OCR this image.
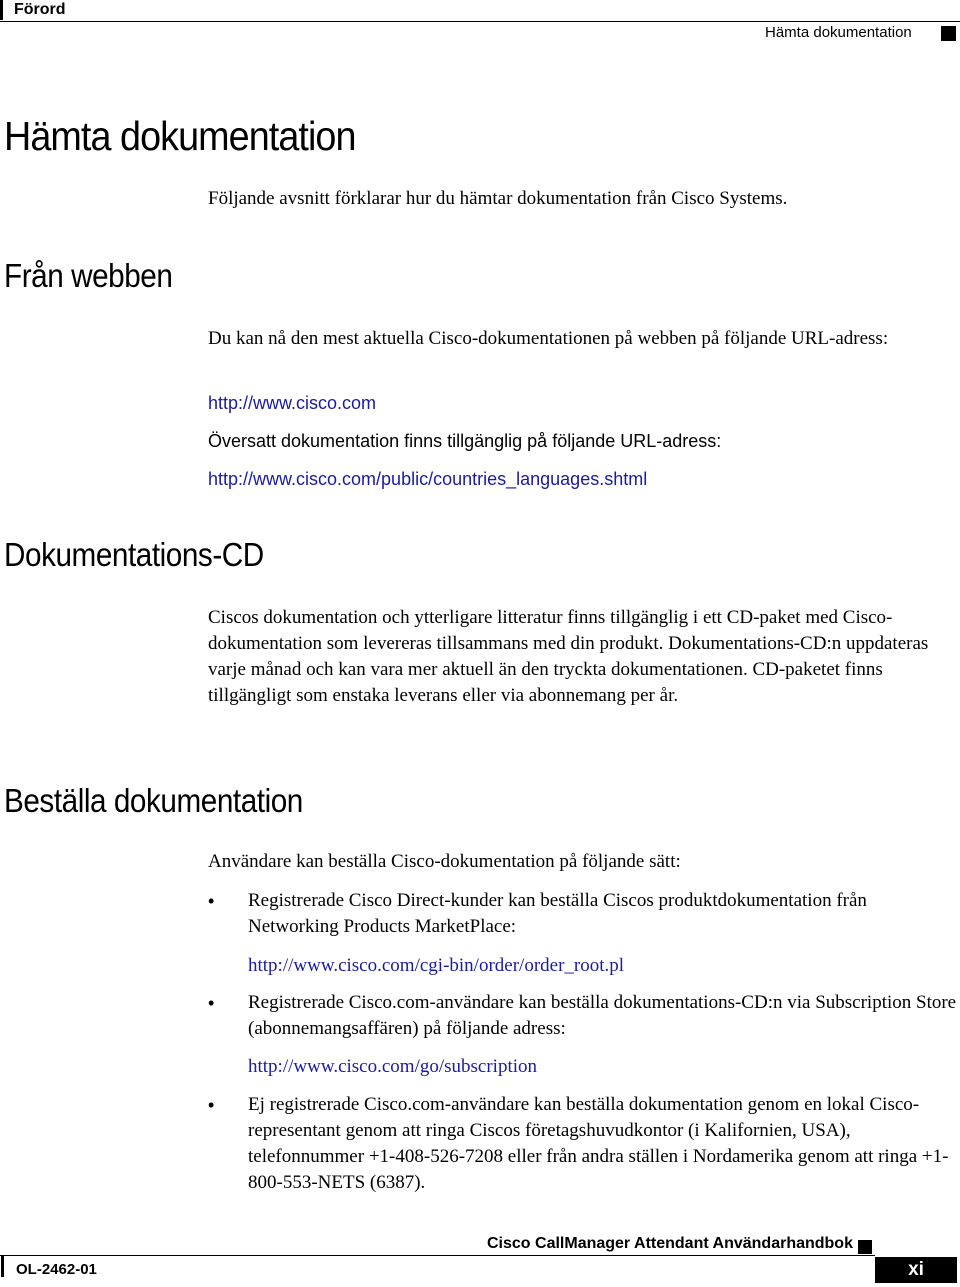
Förord
Hämta dokumentation
Hämta dokumentation
Följande avsnitt förklarar hur du hämtar dokumentation från Cisco Systems.
Från webben
Du kan nå den mest aktuella Cisco-dokumentationen på webben på följande URL-adress:
http://www.cisco.com
Översatt dokumentation finns tillgänglig på följande URL-adress:
http://www.cisco.com/public/countries_languages.shtml
Dokumentations-CD
Ciscos dokumentation och ytterligare litteratur finns tillgänglig i ett CD-paket med Cisco-dokumentation som levereras tillsammans med din produkt. Dokumentations-CD:n uppdateras varje månad och kan vara mer aktuell än den tryckta dokumentationen. CD-paketet finns tillgängligt som enstaka leverans eller via abonnemang per år.
Beställa dokumentation
Användare kan beställa Cisco-dokumentation på följande sätt:
• Registrerade Cisco Direct-kunder kan beställa Ciscos produktdokumentation från Networking Products MarketPlace:
http://www.cisco.com/cgi-bin/order/order_root.pl
• Registrerade Cisco.com-användare kan beställa dokumentations-CD:n via Subscription Store (abonnemangsaffären) på följande adress:
http://www.cisco.com/go/subscription
• Ej registrerade Cisco.com-användare kan beställa dokumentation genom en lokal Cisco-representant genom att ringa Ciscos företagshuvudkontor (i Kalifornien, USA), telefonnummer +1-408-526-7208 eller från andra ställen i Nordamerika genom att ringa +1-800-553-NETS (6387).
Cisco CallManager Attendant Användarhandbok
OL-2462-01	xi
